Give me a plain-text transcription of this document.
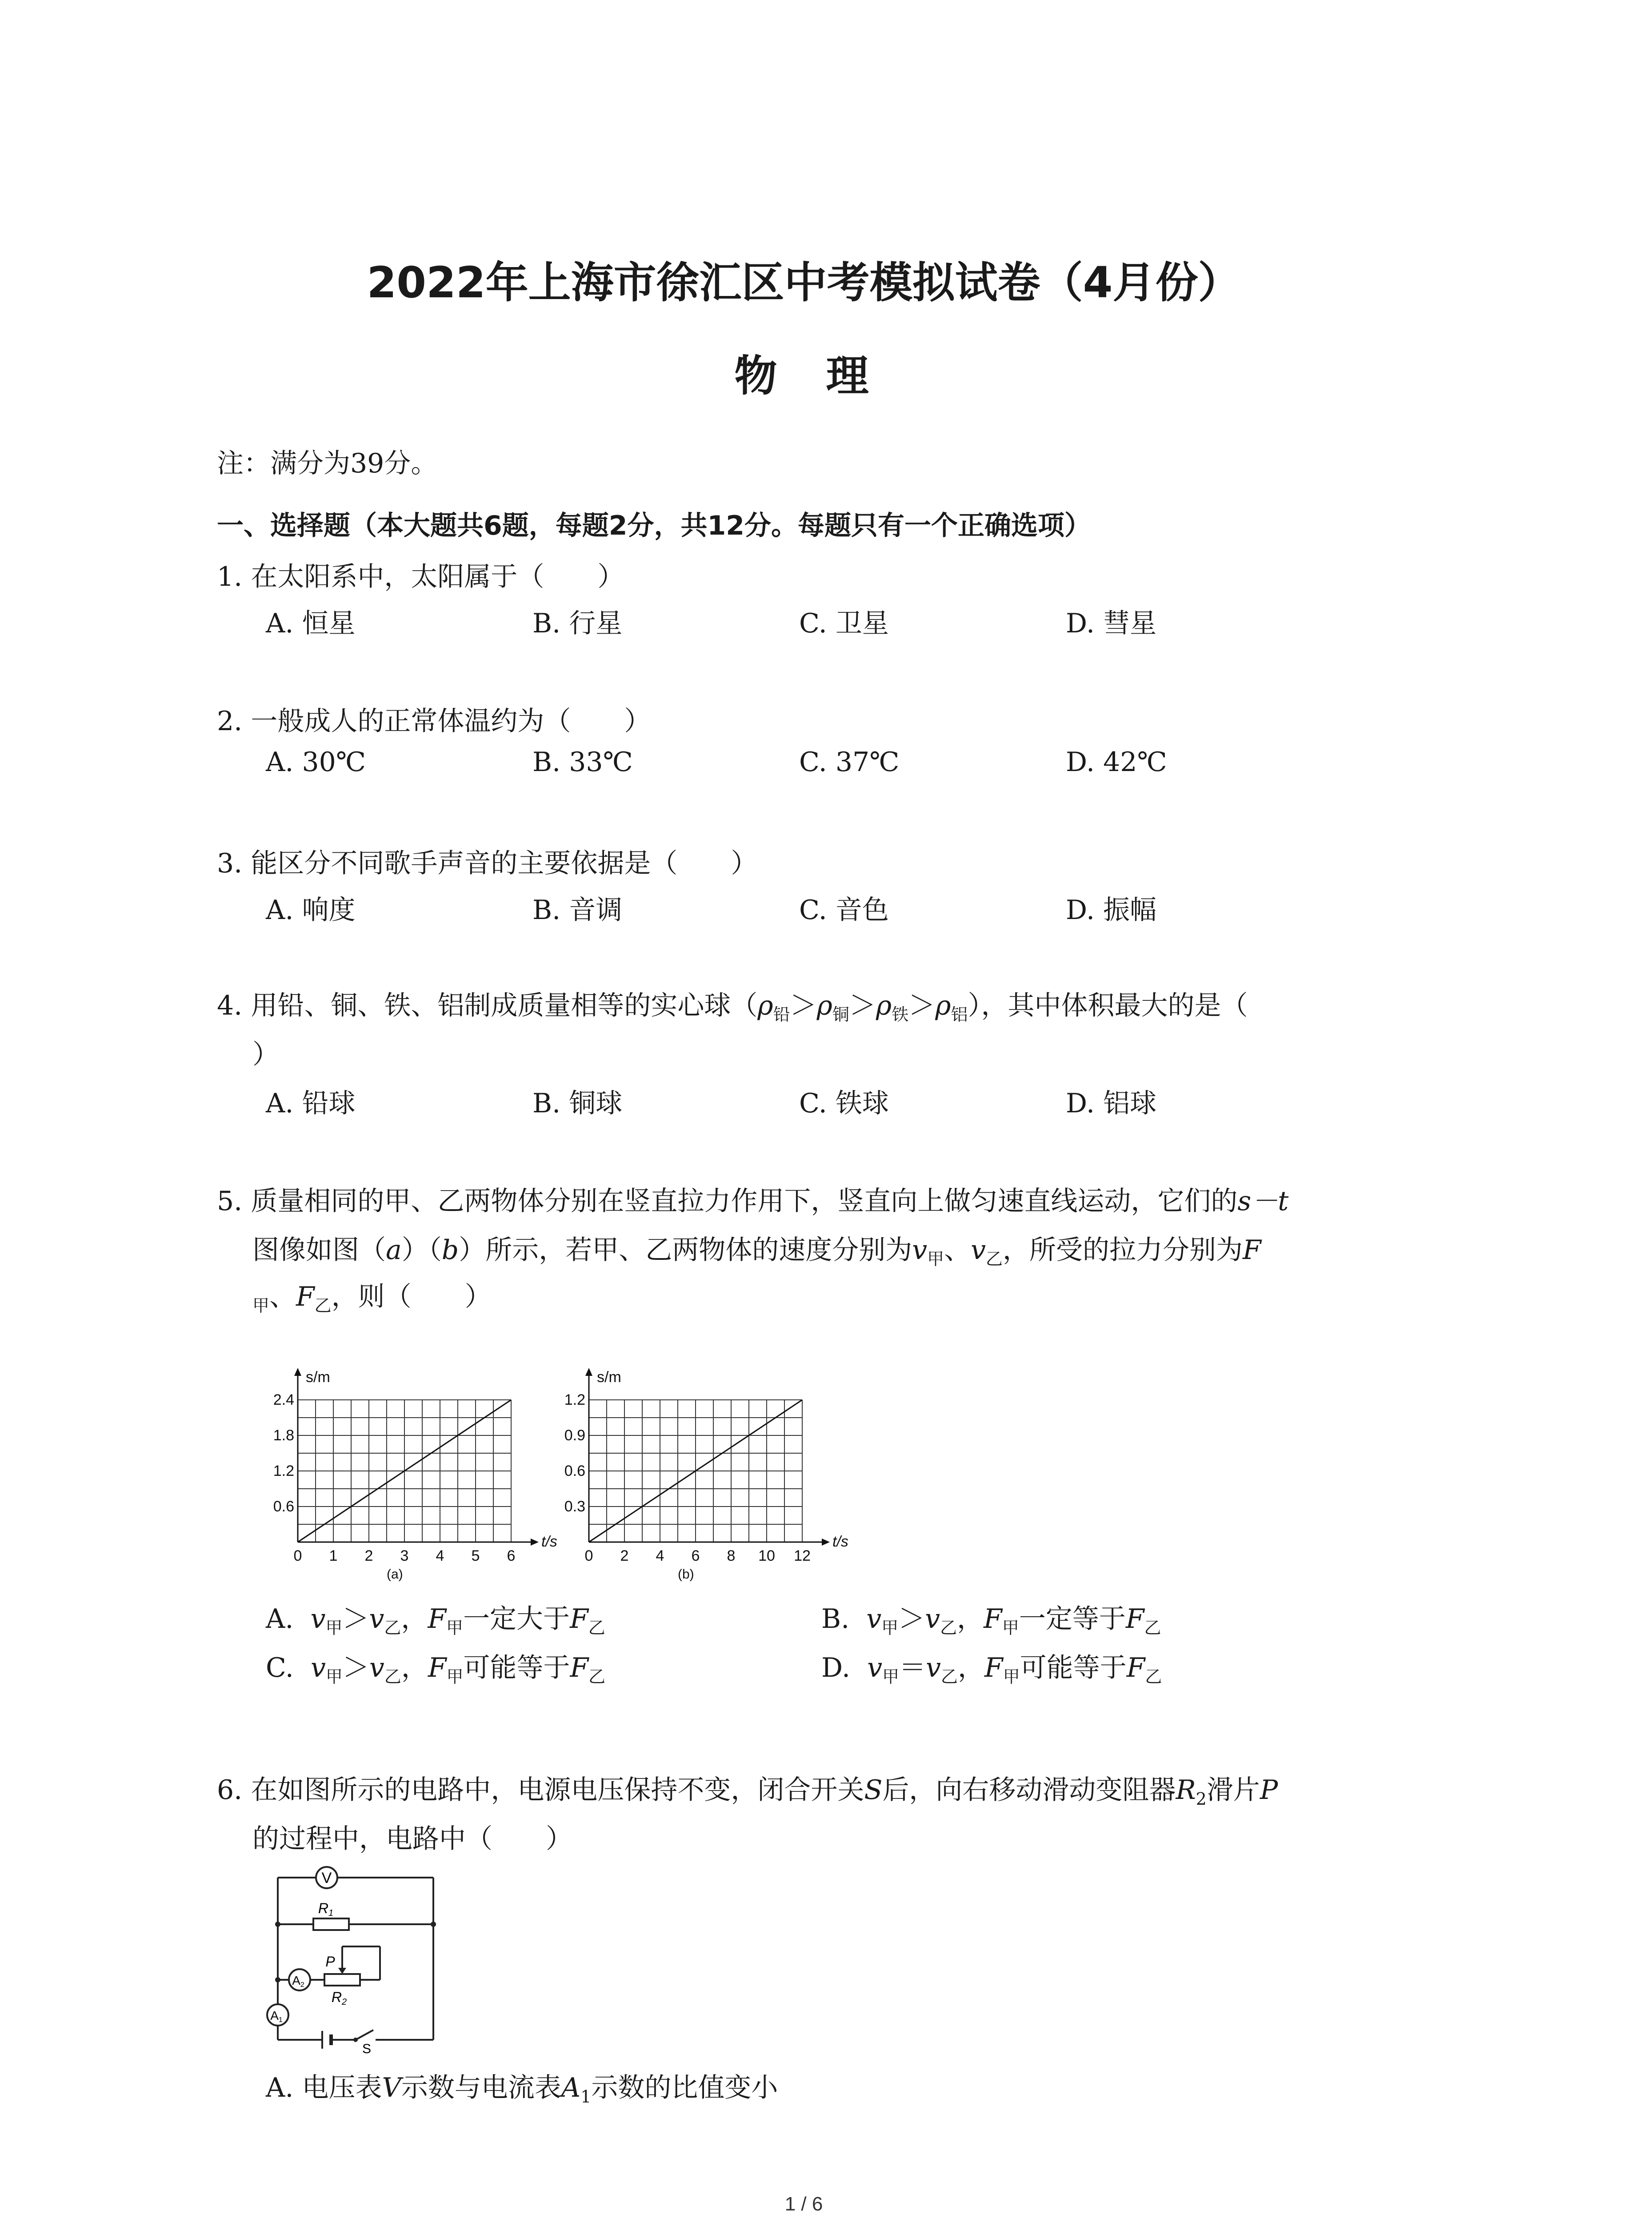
2022年上海市徐汇区中考模拟试卷（4月份）
物理
注：满分为39分。
一、选择题（本大题共6题，每题2分，共12分。每题只有一个正确选项）
1. 在太阳系中，太阳属于（　　）
A. 恒星	B. 行星	C. 卫星	D. 彗星
2. 一般成人的正常体温约为（　　）
A. 30℃	B. 33℃	C. 37℃	D. 42℃
3. 能区分不同歌手声音的主要依据是（　　）
A. 响度	B. 音调	C. 音色	D. 振幅
4. 用铅、铜、铁、铝制成质量相等的实心球$(\rho_铅>\rho_铜>\rho_铁>\rho_铝)$，其中体积最大的是（
）
A. 铅球	B. 铜球	C. 铁球	D. 铝球
5. 质量相同的甲、乙两物体分别在竖直拉力作用下，竖直向上做匀速直线运动，它们的s－t
图像如图（a）（b）所示，若甲、乙两物体的速度分别为$v_甲$、$v_乙$，所受的拉力分别为F
$_甲$、$F_乙$，则（　　）
0 1 2 3 4 5 6
0.6
1.2
1.8
2.4
t/s
s/m
(a)
0 2 4 6 8 10 12
0.3
0.6
0.9
1.2
t/s
s/m
(b)
A. $v_甲>v_乙$，$F_甲$一定大于$F_乙$	B. $v_甲>v_乙$，$F_甲$一定等于$F_乙$
C. $v_甲>v_乙$，$F_甲$可能等于$F_乙$	D. $v_甲=v_乙$，$F_甲$可能等于$F_乙$
6. 在如图所示的电路中，电源电压保持不变，闭合开关S后，向右移动滑动变阻器$R_2$滑片P
的过程中，电路中（　　）
V
R1
P
R2
A2
A1
S
A. 电压表V示数与电流表$A_1$示数的比值变小
1 / 6
